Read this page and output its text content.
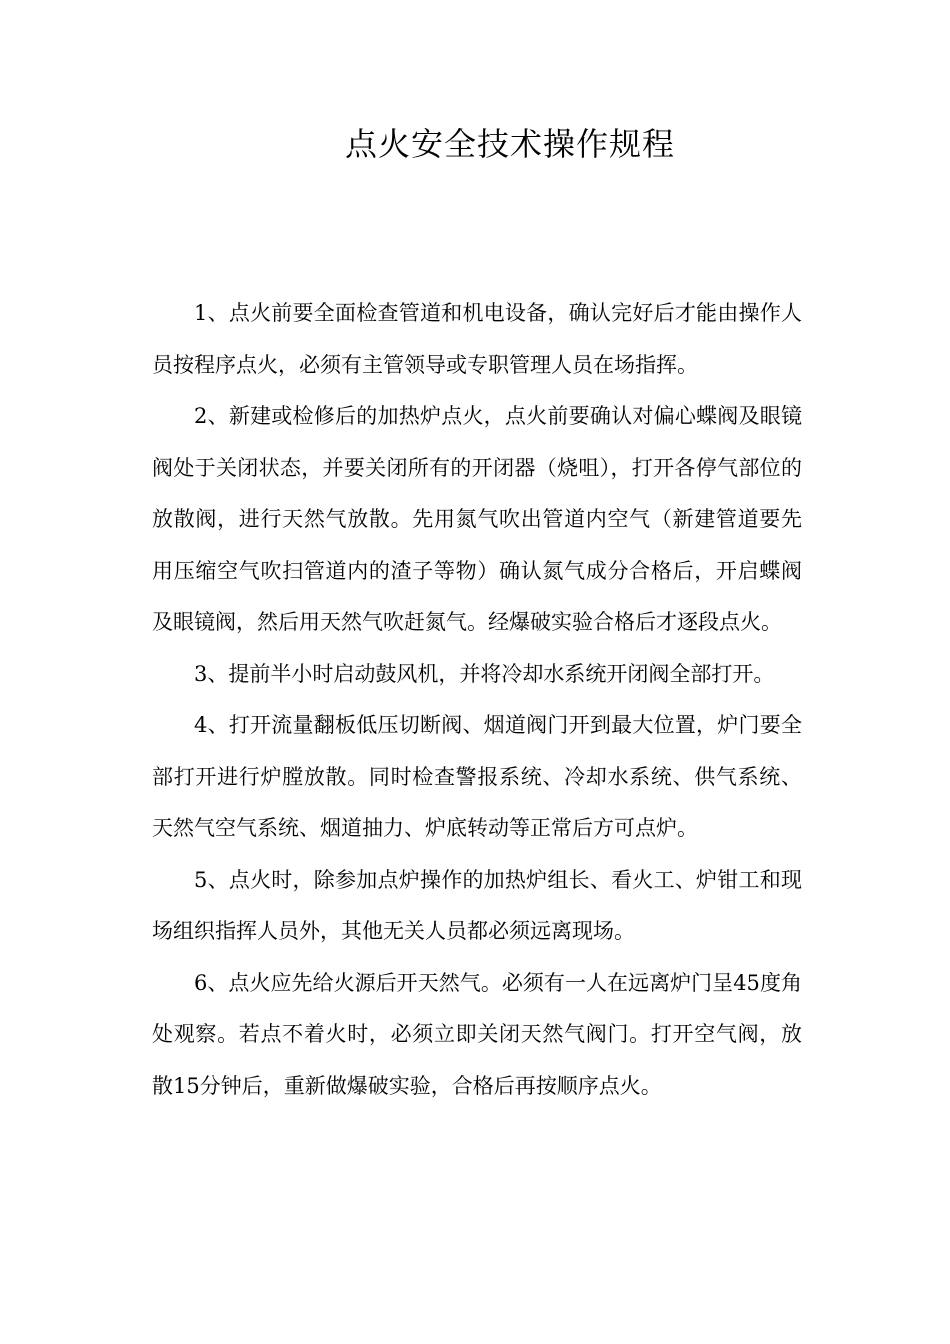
点火安全技术操作规程

1、点火前要全面检查管道和机电设备，确认完好后才能由操作人员按程序点火，必须有主管领导或专职管理人员在场指挥。

2、新建或检修后的加热炉点火，点火前要确认对偏心蝶阀及眼镜阀处于关闭状态，并要关闭所有的开闭器（烧咀），打开各停气部位的放散阀，进行天然气放散。先用氮气吹出管道内空气（新建管道要先用压缩空气吹扫管道内的渣子等物）确认氮气成分合格后，开启蝶阀及眼镜阀，然后用天然气吹赶氮气。经爆破实验合格后才逐段点火。

3、提前半小时启动鼓风机，并将冷却水系统开闭阀全部打开。

4、打开流量翻板低压切断阀、烟道阀门开到最大位置，炉门要全部打开进行炉膛放散。同时检查警报系统、冷却水系统、供气系统、天然气空气系统、烟道抽力、炉底转动等正常后方可点炉。

5、点火时，除参加点炉操作的加热炉组长、看火工、炉钳工和现场组织指挥人员外，其他无关人员都必须远离现场。

6、点火应先给火源后开天然气。必须有一人在远离炉门呈45度角处观察。若点不着火时，必须立即关闭天然气阀门。打开空气阀，放散15分钟后，重新做爆破实验，合格后再按顺序点火。
